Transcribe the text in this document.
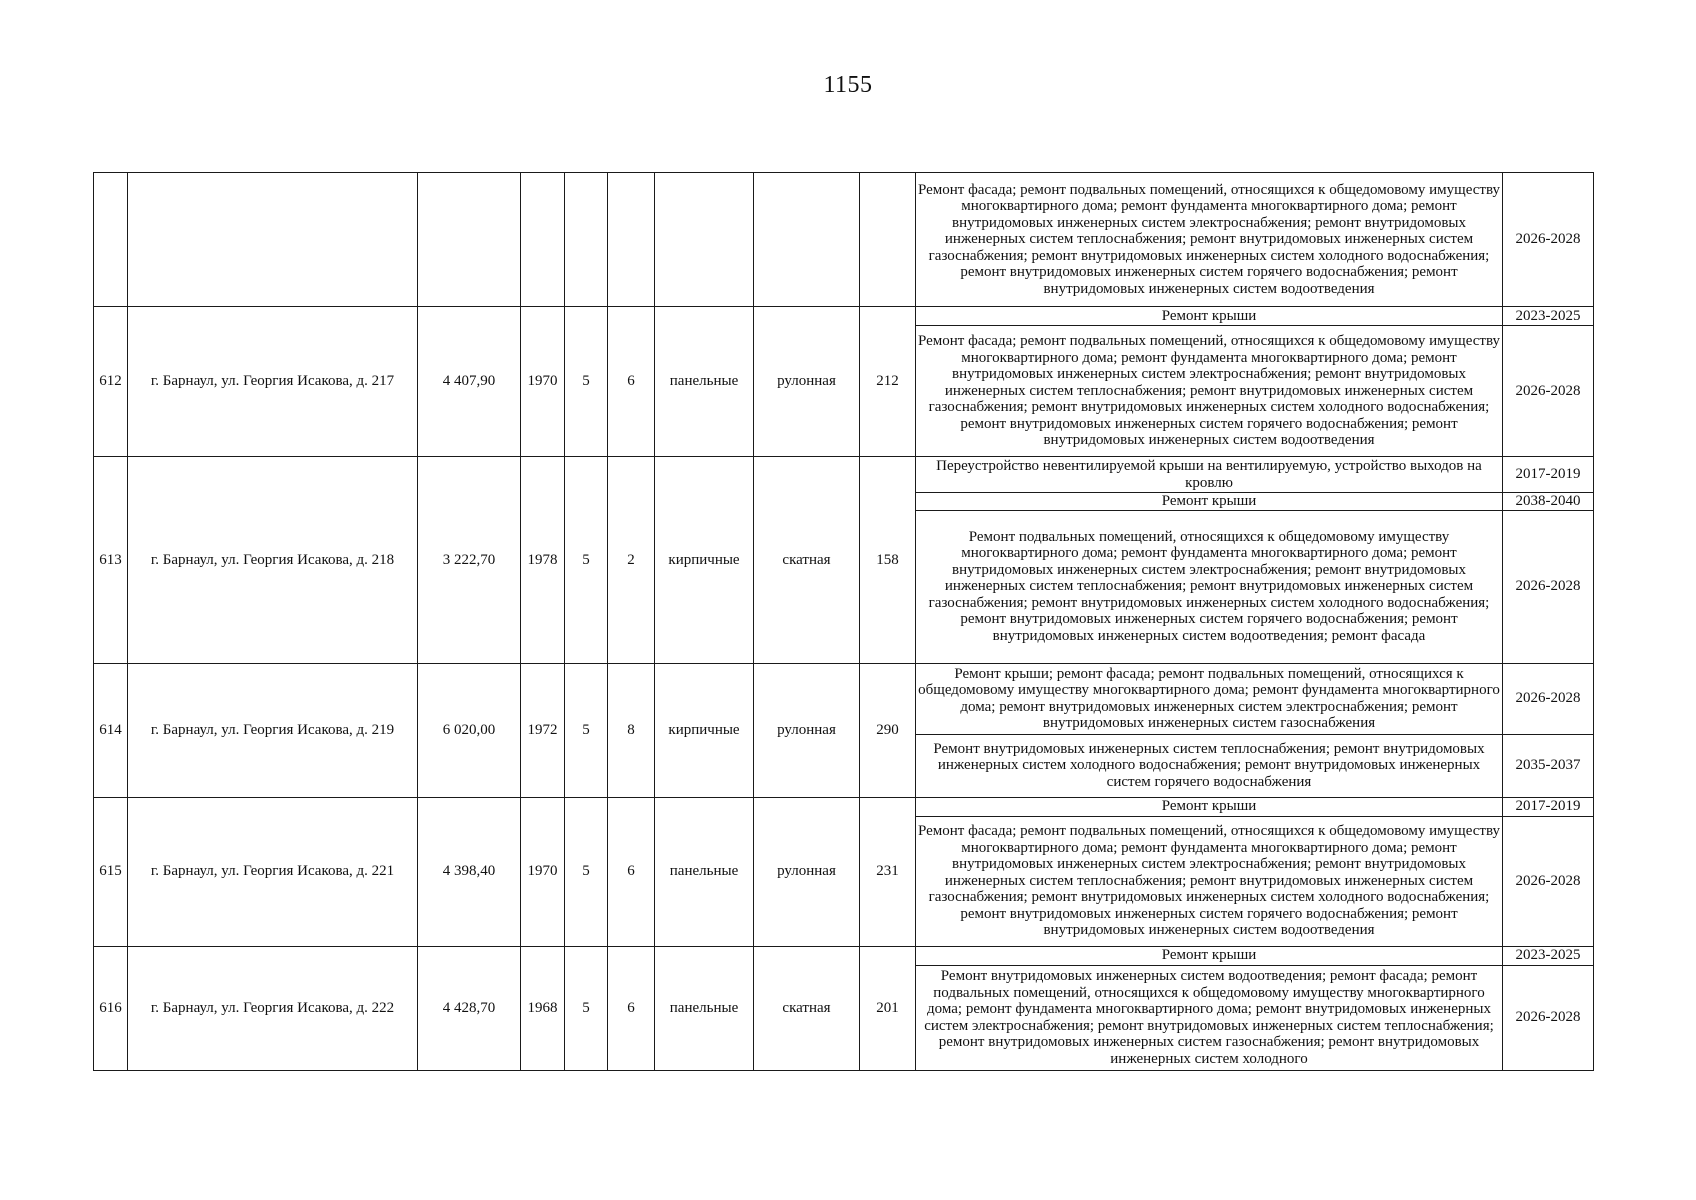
1155
									Ремонт фасада; ремонт подвальных помещений, относящихся к общедомовому имуществу многоквартирного дома; ремонт фундамента многоквартирного дома; ремонт внутридомовых инженерных систем электроснабжения; ремонт внутридомовых инженерных систем теплоснабжения; ремонт внутридомовых инженерных систем газоснабжения; ремонт внутридомовых инженерных систем холодного водоснабжения; ремонт внутридомовых инженерных систем горячего водоснабжения; ремонт внутридомовых инженерных систем водоотведения	2026-2028
612	г. Барнаул, ул. Георгия Исакова, д. 217	4 407,90	1970	5	6	панельные	рулонная	212	Ремонт крыши	2023-2025
									Ремонт фасада; ремонт подвальных помещений, относящихся к общедомовому имуществу многоквартирного дома; ремонт фундамента многоквартирного дома; ремонт внутридомовых инженерных систем электроснабжения; ремонт внутридомовых инженерных систем теплоснабжения; ремонт внутридомовых инженерных систем газоснабжения; ремонт внутридомовых инженерных систем холодного водоснабжения; ремонт внутридомовых инженерных систем горячего водоснабжения; ремонт внутридомовых инженерных систем водоотведения	2026-2028
613	г. Барнаул, ул. Георгия Исакова, д. 218	3 222,70	1978	5	2	кирпичные	скатная	158	Переустройство невентилируемой крыши на вентилируемую, устройство выходов на кровлю	2017-2019
									Ремонт крыши	2038-2040
									Ремонт подвальных помещений, относящихся к общедомовому имуществу многоквартирного дома; ремонт фундамента многоквартирного дома; ремонт внутридомовых инженерных систем электроснабжения; ремонт внутридомовых инженерных систем теплоснабжения; ремонт внутридомовых инженерных систем газоснабжения; ремонт внутридомовых инженерных систем холодного водоснабжения; ремонт внутридомовых инженерных систем горячего водоснабжения; ремонт внутридомовых инженерных систем водоотведения; ремонт фасада	2026-2028
614	г. Барнаул, ул. Георгия Исакова, д. 219	6 020,00	1972	5	8	кирпичные	рулонная	290	Ремонт крыши; ремонт фасада; ремонт подвальных помещений, относящихся к общедомовому имуществу многоквартирного дома; ремонт фундамента многоквартирного дома; ремонт внутридомовых инженерных систем электроснабжения; ремонт внутридомовых инженерных систем газоснабжения	2026-2028
									Ремонт внутридомовых инженерных систем теплоснабжения; ремонт внутридомовых инженерных систем холодного водоснабжения; ремонт внутридомовых инженерных систем горячего водоснабжения	2035-2037
615	г. Барнаул, ул. Георгия Исакова, д. 221	4 398,40	1970	5	6	панельные	рулонная	231	Ремонт крыши	2017-2019
									Ремонт фасада; ремонт подвальных помещений, относящихся к общедомовому имуществу многоквартирного дома; ремонт фундамента многоквартирного дома; ремонт внутридомовых инженерных систем электроснабжения; ремонт внутридомовых инженерных систем теплоснабжения; ремонт внутридомовых инженерных систем газоснабжения; ремонт внутридомовых инженерных систем холодного водоснабжения; ремонт внутридомовых инженерных систем горячего водоснабжения; ремонт внутридомовых инженерных систем водоотведения	2026-2028
616	г. Барнаул, ул. Георгия Исакова, д. 222	4 428,70	1968	5	6	панельные	скатная	201	Ремонт крыши	2023-2025
									Ремонт внутридомовых инженерных систем водоотведения; ремонт фасада; ремонт подвальных помещений, относящихся к общедомовому имуществу многоквартирного дома; ремонт фундамента многоквартирного дома; ремонт внутридомовых инженерных систем электроснабжения; ремонт внутридомовых инженерных систем теплоснабжения; ремонт внутридомовых инженерных систем газоснабжения; ремонт внутридомовых инженерных систем холодного	2026-2028
